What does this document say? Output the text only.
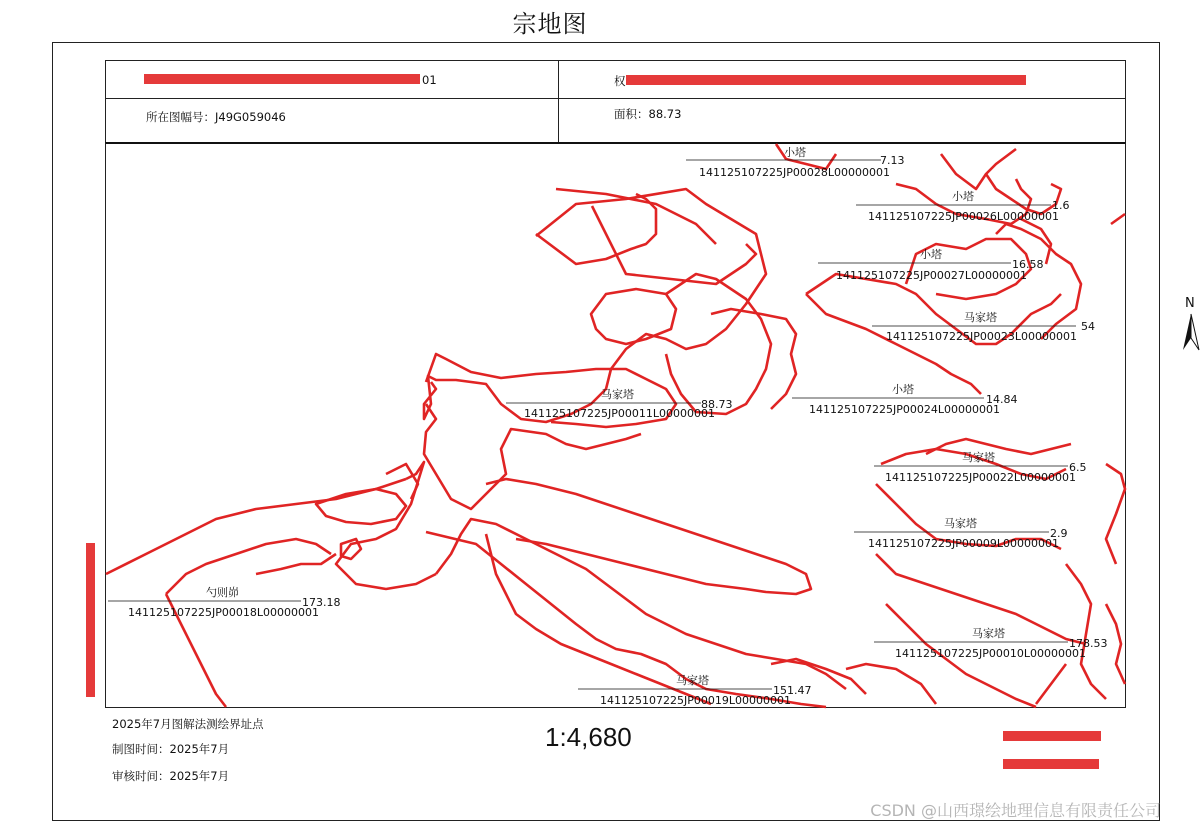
宗地图
01	权
所在图幅号：J49G059046	面积：88.73
小塔
7.13
141125107225JP00028L00000001
小塔
1.6
141125107225JP00026L00000001
小塔
16.58
141125107225JP00027L00000001
马家塔
54
141125107225JP00023L00000001
马家塔
88.73
141125107225JP00011L00000001
小塔
14.84
141125107225JP00024L00000001
马家塔
6.5
141125107225JP00022L00000001
马家塔
2.9
141125107225JP00009L00000001
勺则峁
173.18
141125107225JP00018L00000001
马家塔
178.53
141125107225JP00010L00000001
马家塔
151.47
141125107225JP00019L00000001
N
2025年7月图解法测绘界址点
制图时间：2025年7月
审核时间：2025年7月
1:4,680
CSDN @山西璟绘地理信息有限责任公司
